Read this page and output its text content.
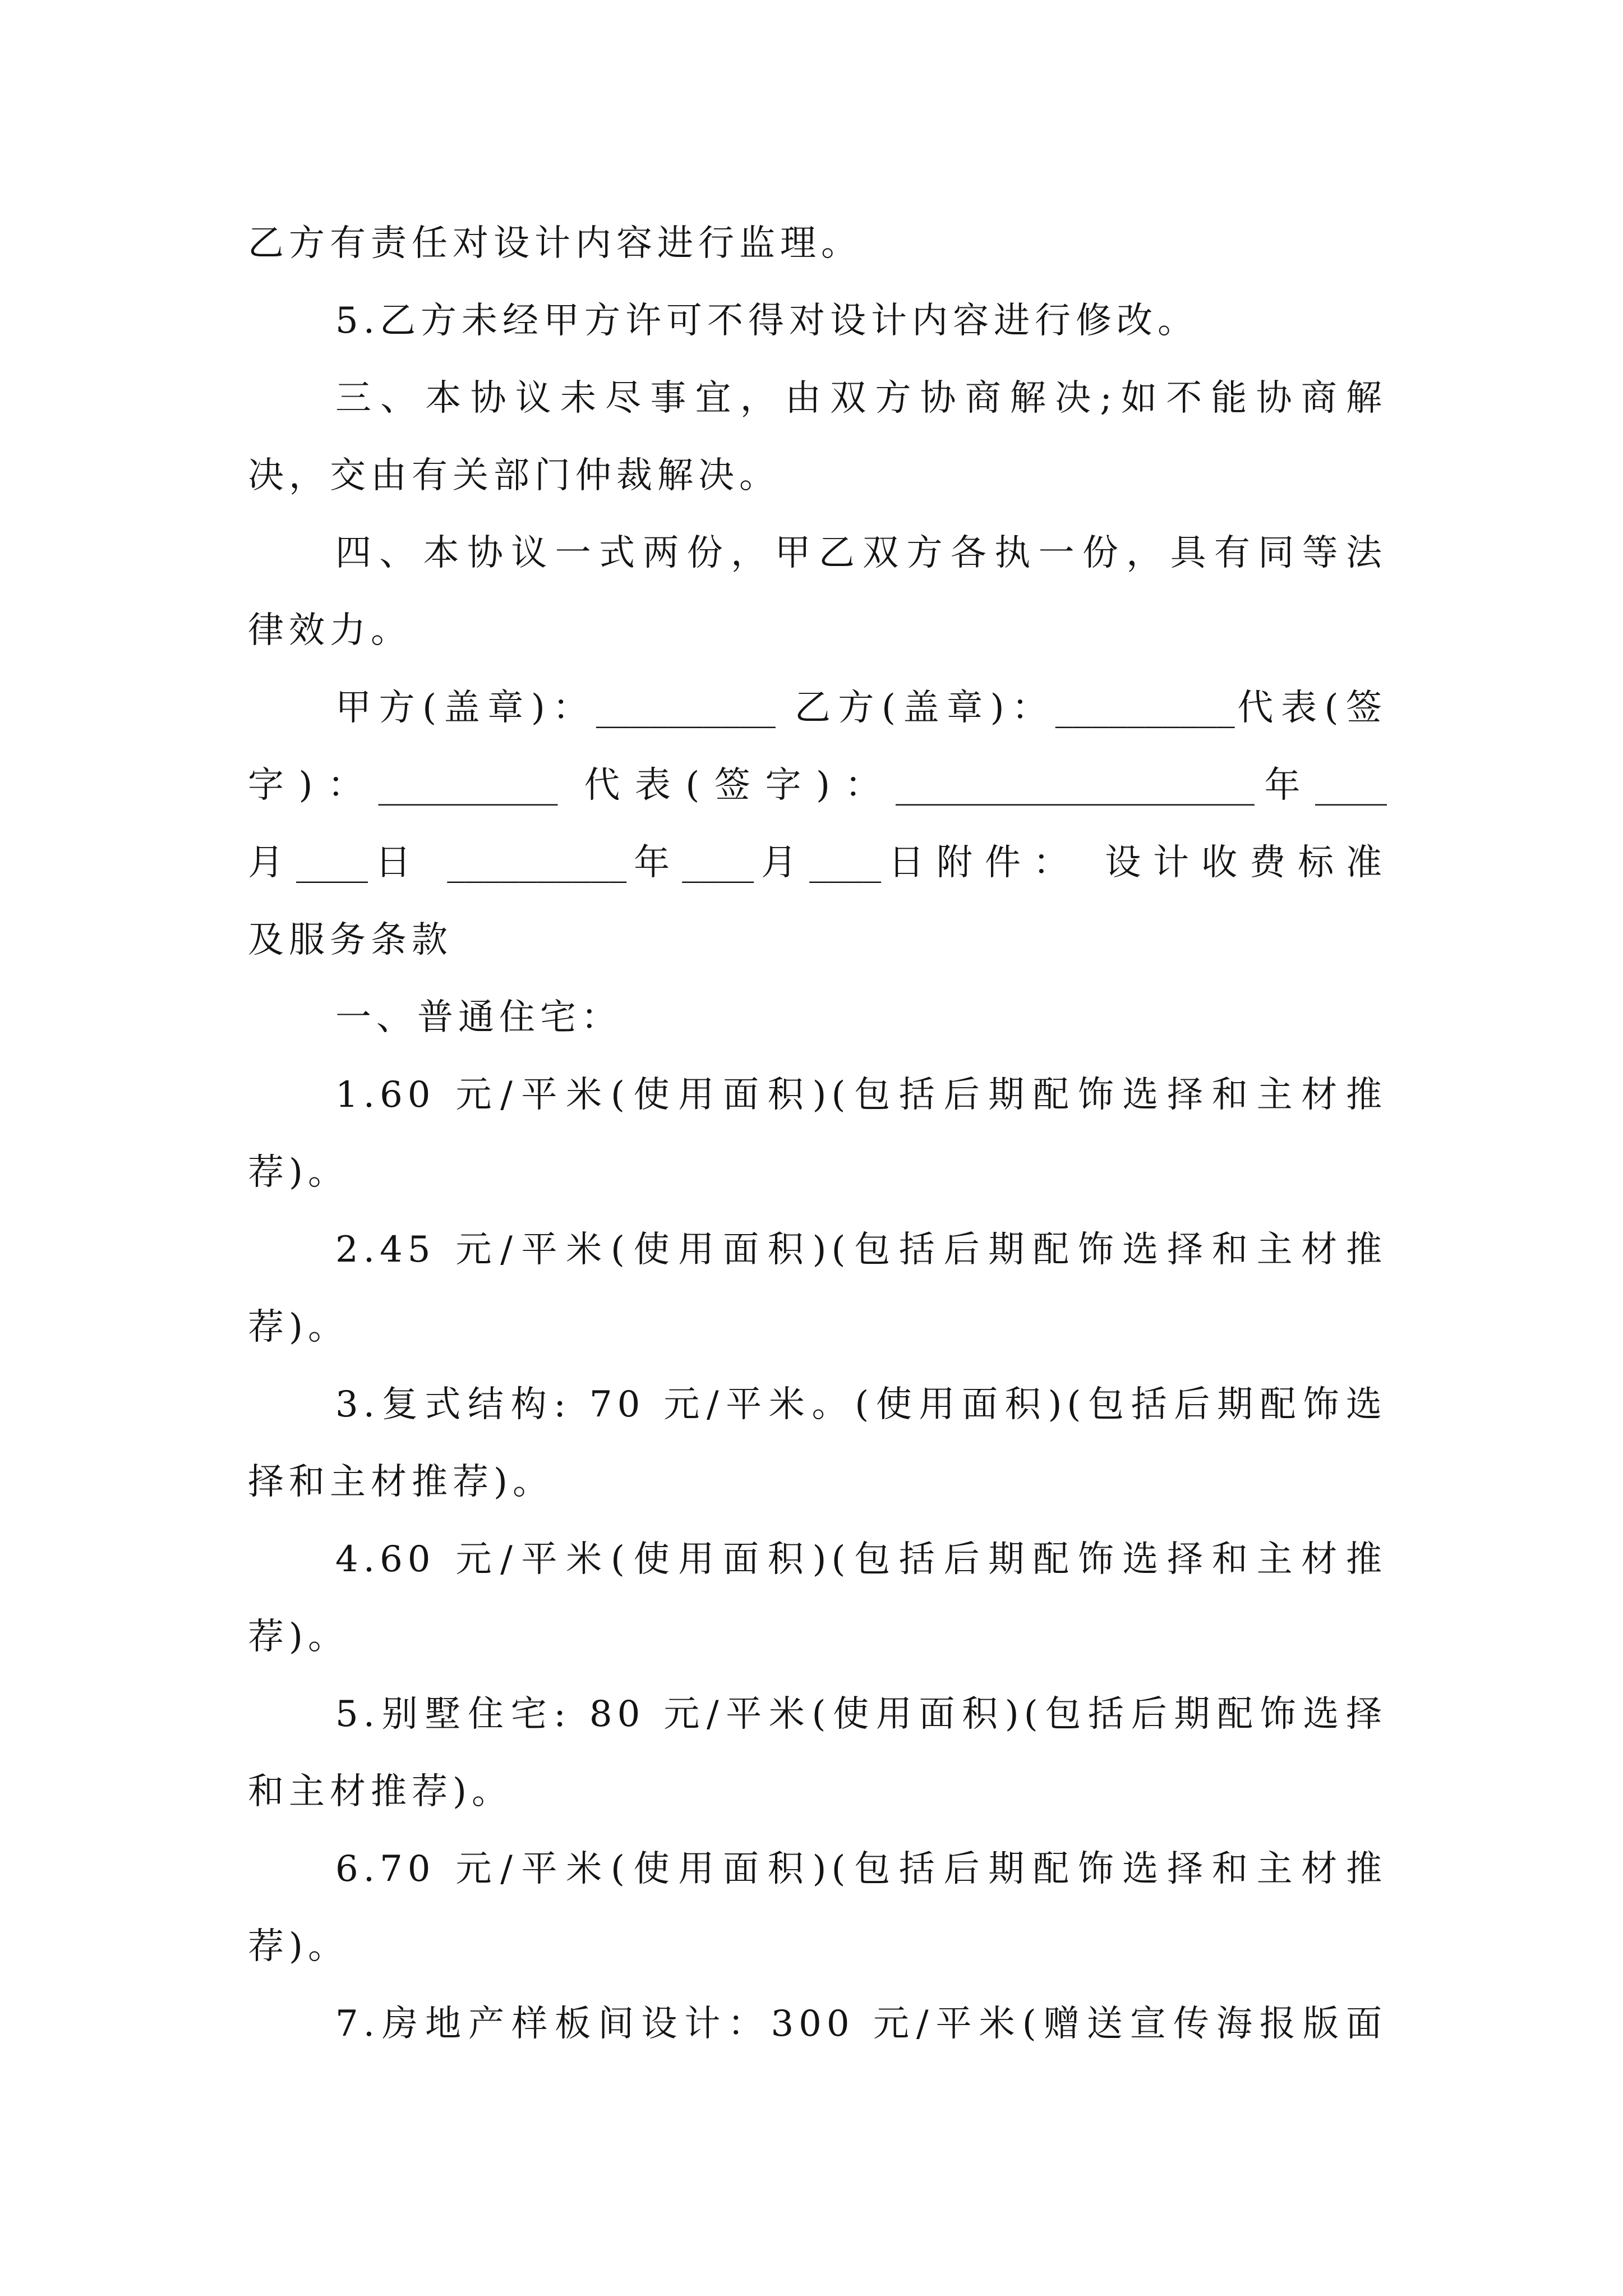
乙方有责任对设计内容进行监理。
5.乙方未经甲方许可不得对设计内容进行修改。
三、本协议未尽事宜，由双方协商解决;如不能协商解
决，交由有关部门仲裁解决。
四、本协议一式两份，甲乙双方各执一份，具有同等法
律效力。
甲方(盖章)：__________ 乙方(盖章)：__________代表(签
字)：__________ 代表(签字)：____________________年____
月____日 __________年____月____日附件： 设计收费标准
及服务条款
一、普通住宅：
1.60 元/平米(使用面积)(包括后期配饰选择和主材推
荐)。
2.45 元/平米(使用面积)(包括后期配饰选择和主材推
荐)。
3.复式结构: 70 元/平米。(使用面积)(包括后期配饰选
择和主材推荐)。
4.60 元/平米(使用面积)(包括后期配饰选择和主材推
荐)。
5.别墅住宅: 80 元/平米(使用面积)(包括后期配饰选择
和主材推荐)。
6.70 元/平米(使用面积)(包括后期配饰选择和主材推
荐)。
7.房地产样板间设计：300 元/平米(赠送宣传海报版面
